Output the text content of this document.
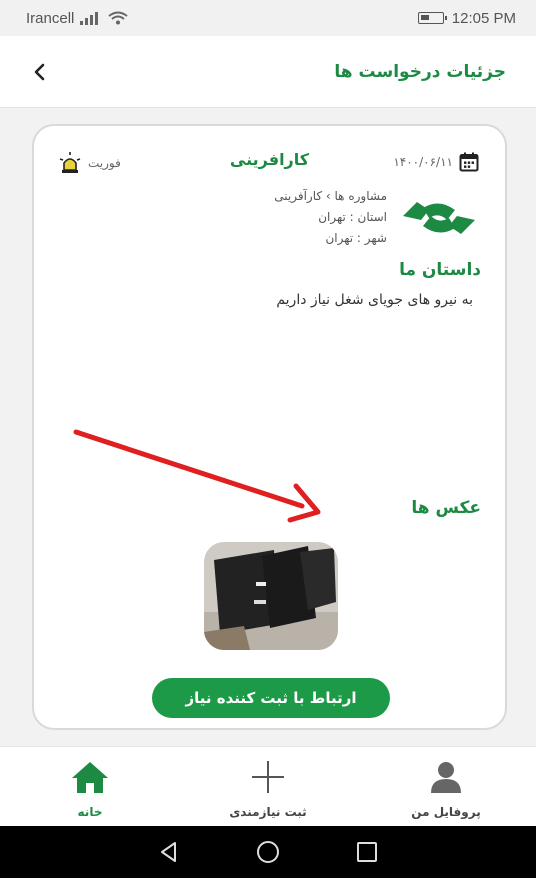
Irancell	12:05 PM
جزئیات درخواست ها
فوریت	کارافرینی	۱۴۰۰/۰۶/۱۱
مشاوره ها › کارآفرینی
استان : تهران
شهر : تهران
داستان ما
به نیرو های جویای شغل نیاز داریم
عکس ها
ارتباط با ثبت کننده نیاز
خانه	ثبت نیازمندی	پروفایل من
